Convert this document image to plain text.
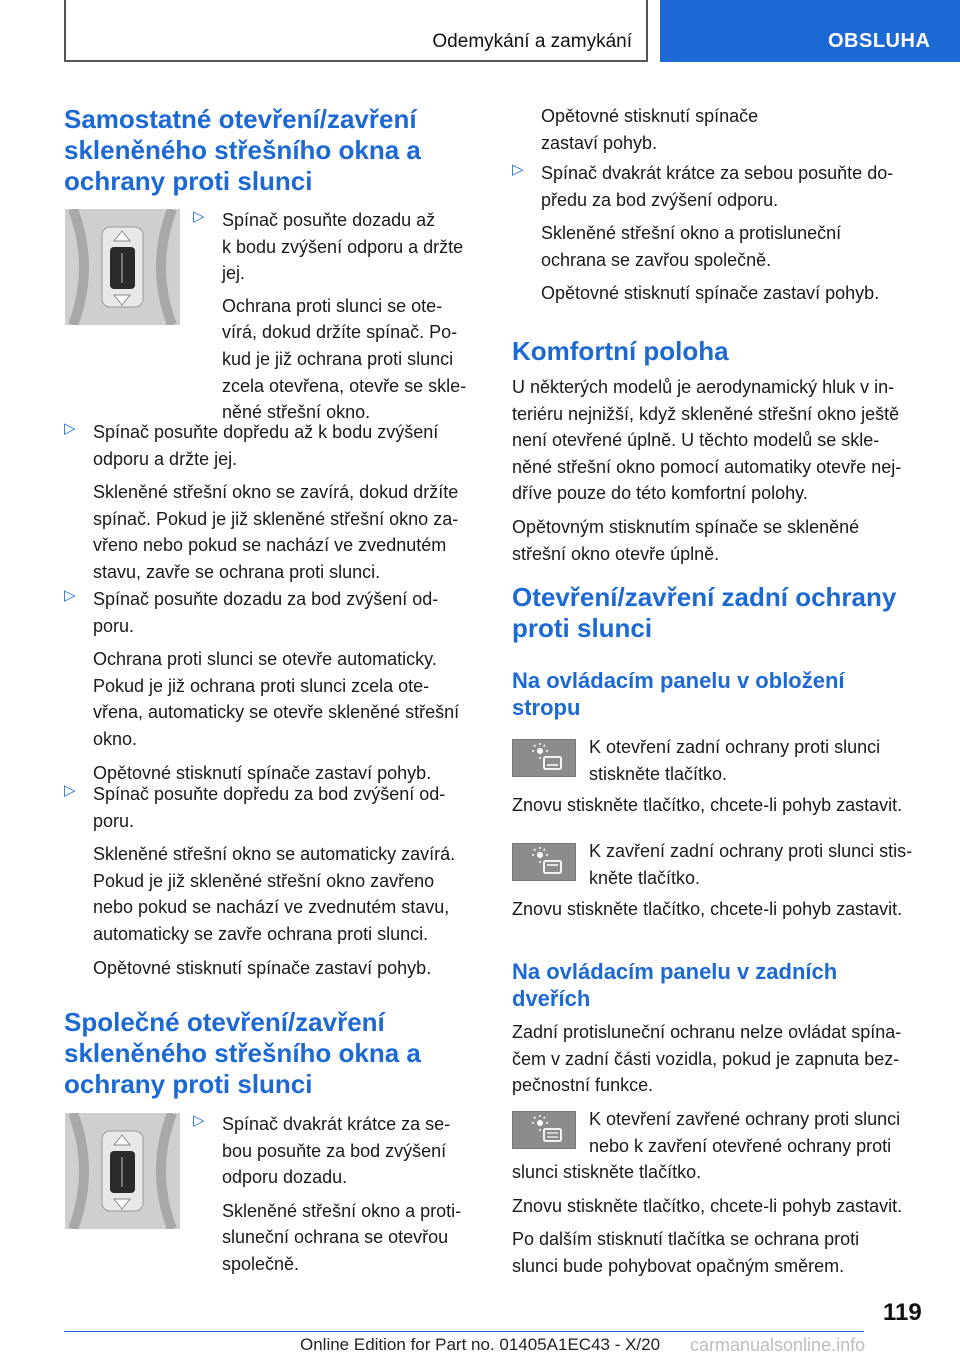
Odemykání a zamykání	OBSLUHA

Samostatné otevření/zavření

skleněného střešního okna a

ochrany proti slunci

▷ Spínač posuňte dozadu až

k bodu zvýšení odporu a držte

jej.

Ochrana proti slunci se ote‐

vírá, dokud držíte spínač. Po‐

kud je již ochrana proti slunci

zcela otevřena, otevře se skle‐

něné střešní okno.

▷ Spínač posuňte dopředu až k bodu zvýšení

odporu a držte jej.

Skleněné střešní okno se zavírá, dokud držíte

spínač. Pokud je již skleněné střešní okno za‐

vřeno nebo pokud se nachází ve zvednutém

stavu, zavře se ochrana proti slunci.

▷ Spínač posuňte dozadu za bod zvýšení od‐

poru.

Ochrana proti slunci se otevře automaticky.

Pokud je již ochrana proti slunci zcela ote‐

vřena, automaticky se otevře skleněné střešní

okno.

Opětovné stisknutí spínače zastaví pohyb.

▷ Spínač posuňte dopředu za bod zvýšení od‐

poru.

Skleněné střešní okno se automaticky zavírá.

Pokud je již skleněné střešní okno zavřeno

nebo pokud se nachází ve zvednutém stavu,

automaticky se zavře ochrana proti slunci.

Opětovné stisknutí spínače zastaví pohyb.

Společné otevření/zavření

skleněného střešního okna a

ochrany proti slunci

▷ Spínač dvakrát krátce za se‐

bou posuňte za bod zvýšení

odporu dozadu.

Skleněné střešní okno a proti‐

sluneční ochrana se otevřou

společně.

Opětovné stisknutí spínače

zastaví pohyb.

▷ Spínač dvakrát krátce za sebou posuňte do‐

předu za bod zvýšení odporu.

Skleněné střešní okno a protisluneční

ochrana se zavřou společně.

Opětovné stisknutí spínače zastaví pohyb.

Komfortní poloha

U některých modelů je aerodynamický hluk v in‐

teriéru nejnižší, když skleněné střešní okno ještě

není otevřené úplně. U těchto modelů se skle‐

něné střešní okno pomocí automatiky otevře nej‐

dříve pouze do této komfortní polohy.

Opětovným stisknutím spínače se skleněné

střešní okno otevře úplně.

Otevření/zavření zadní ochrany

proti slunci

Na ovládacím panelu v obložení

stropu

K otevření zadní ochrany proti slunci

stiskněte tlačítko.

Znovu stiskněte tlačítko, chcete-li pohyb zastavit.

K zavření zadní ochrany proti slunci stis‐

kněte tlačítko.

Znovu stiskněte tlačítko, chcete-li pohyb zastavit.

Na ovládacím panelu v zadních

dveřích

Zadní protisluneční ochranu nelze ovládat spína‐

čem v zadní části vozidla, pokud je zapnuta bez‐

pečnostní funkce.

K otevření zavřené ochrany proti slunci

nebo k zavření otevřené ochrany proti

slunci stiskněte tlačítko.

Znovu stiskněte tlačítko, chcete-li pohyb zastavit.

Po dalším stisknutí tlačítka se ochrana proti

slunci bude pohybovat opačným směrem.

119
Online Edition for Part no. 01405A1EC43 - X/20 carmanualsonline.info
